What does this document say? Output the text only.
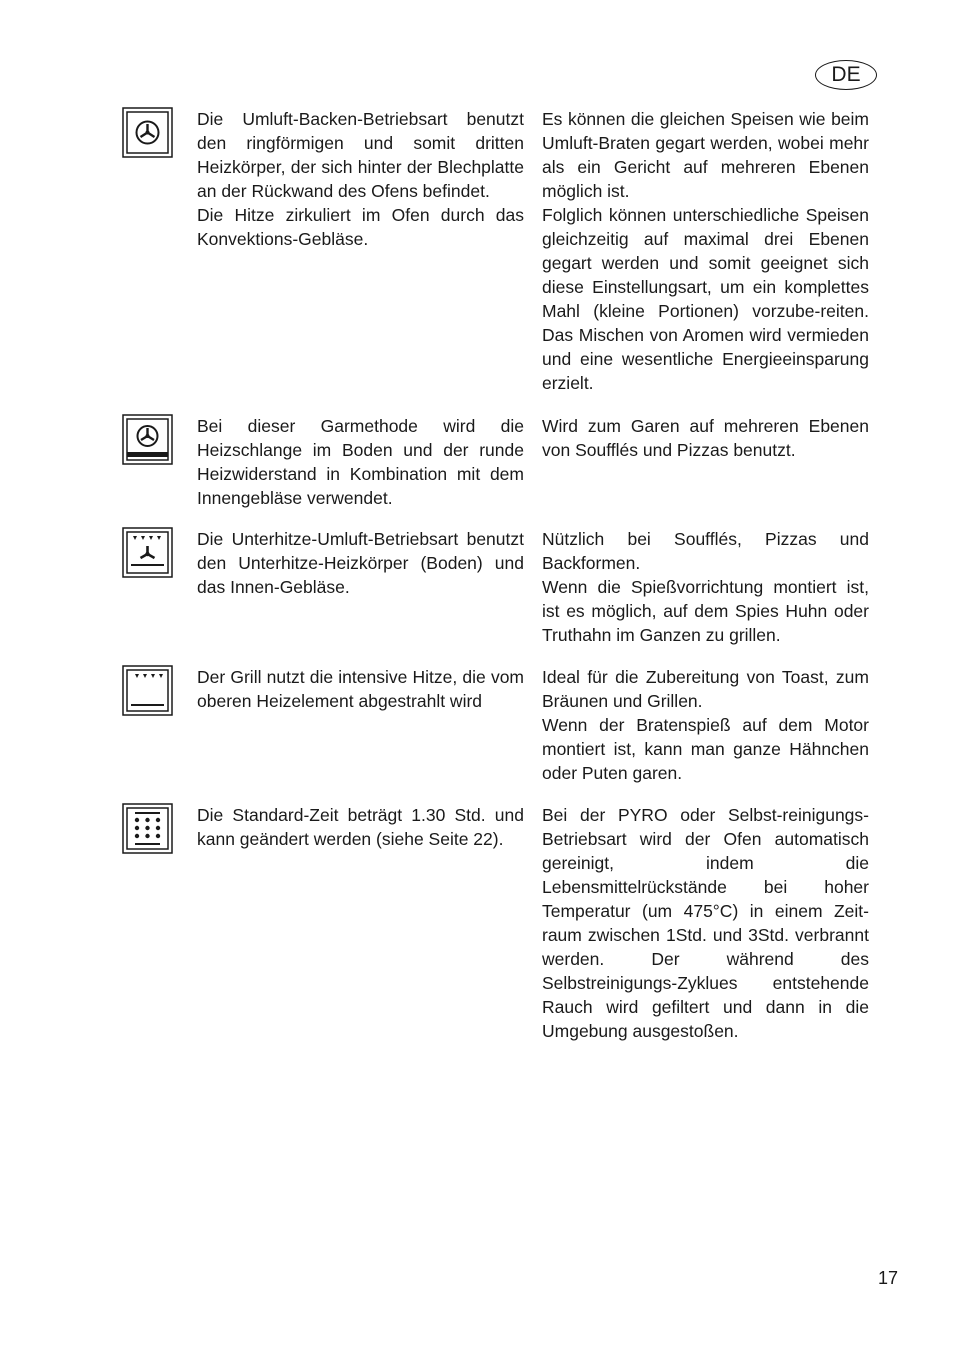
DE

Die Umluft-Backen-Betriebsart benutzt den ringförmigen und somit dritten Heizkörper, der sich hinter der Blechplatte an der Rückwand des Ofens befindet.

Die Hitze zirkuliert im Ofen durch das Konvektions-Gebläse.

Es können die gleichen Speisen wie beim Umluft-Braten gegart werden, wobei mehr als ein Gericht auf mehreren Ebenen möglich ist.

Folglich können unterschiedliche Speisen gleichzeitig auf maximal drei Ebenen gegart werden und somit geeignet sich diese Einstellungsart, um ein komplettes Mahl (kleine Portionen) vorzube-reiten. Das Mischen von Aromen wird vermieden und eine wesentliche Energieeinsparung erzielt.

Bei dieser Garmethode wird die Heizschlange im Boden und der runde Heizwiderstand in Kombination mit dem Innengebläse verwendet.

Wird zum Garen auf mehreren Ebenen von Soufflés und Pizzas benutzt.

Die Unterhitze-Umluft-Betriebsart benutzt den Unterhitze-Heizkörper (Boden) und das Innen-Gebläse.

Nützlich bei Soufflés, Pizzas und Backformen.

Wenn die Spießvorrichtung montiert ist, ist es möglich, auf dem Spies Huhn oder Truthahn im Ganzen zu grillen.

Der Grill nutzt die intensive Hitze, die vom oberen Heizelement abgestrahlt wird

Ideal für die Zubereitung von Toast, zum Bräunen und Grillen.

Wenn der Bratenspieß auf dem Motor montiert ist, kann man ganze Hähnchen oder Puten garen.

Die Standard-Zeit beträgt 1.30 Std. und kann geändert werden (siehe Seite 22).

Bei der PYRO oder Selbst-reinigungs-Betriebsart wird der Ofen automatisch gereinigt, indem die Lebensmittelrückstände bei hoher Temperatur (um 475°C) in einem Zeit-raum zwischen 1Std. und 3Std. verbrannt werden. Der während des Selbstreinigungs-Zyklues entstehende Rauch wird gefiltert und dann in die Umgebung ausgestoßen.

17
